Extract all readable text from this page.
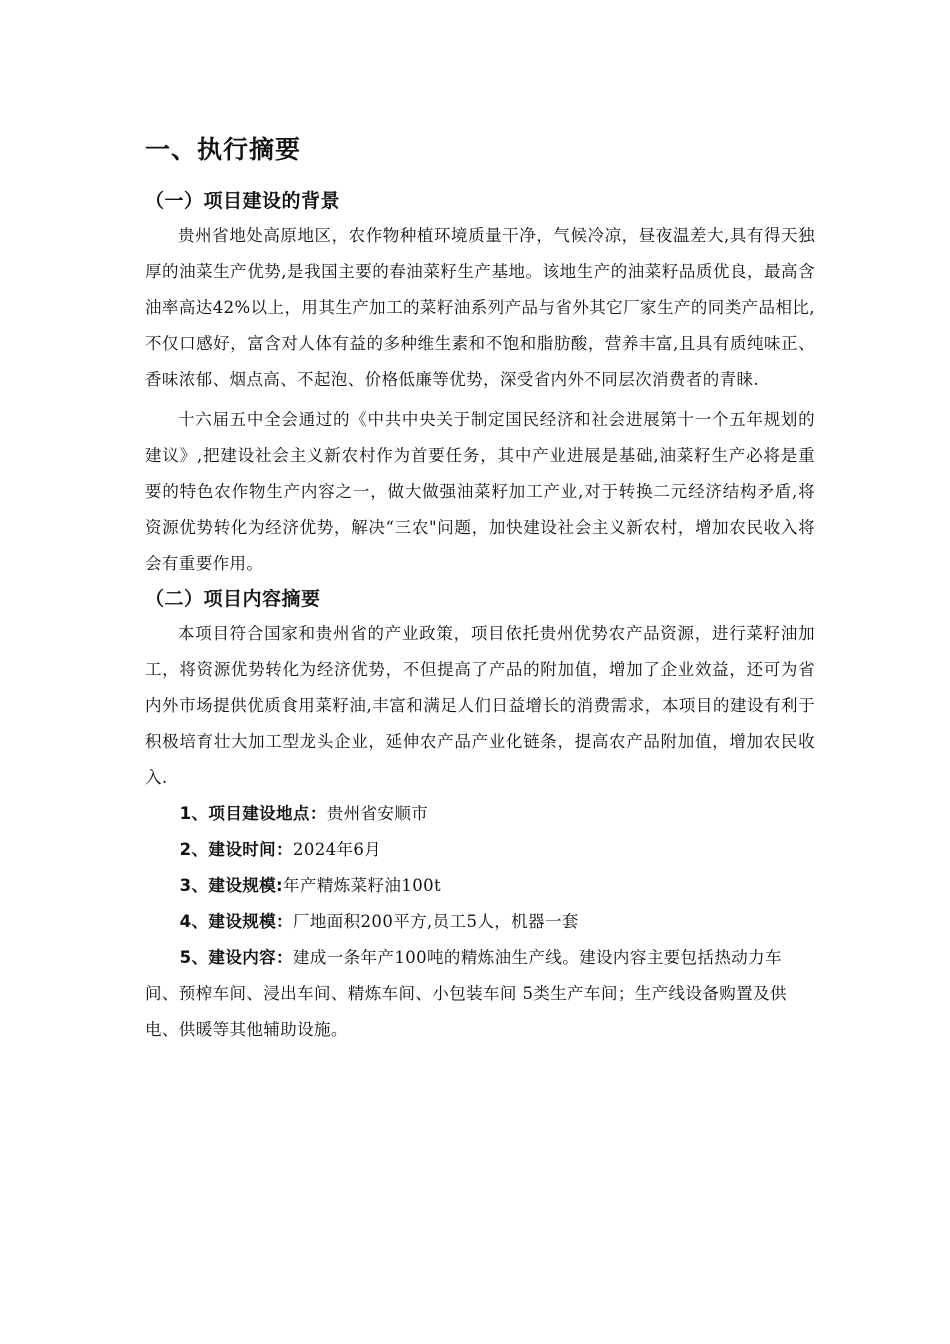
一、执行摘要
（一）项目建设的背景

贵州省地处高原地区，农作物种植环境质量干净，气候冷凉，昼夜温差大,具有得天独厚的油菜生产优势,是我国主要的春油菜籽生产基地。该地生产的油菜籽品质优良，最高含油率高达42%以上，用其生产加工的菜籽油系列产品与省外其它厂家生产的同类产品相比,不仅口感好，富含对人体有益的多种维生素和不饱和脂肪酸，营养丰富,且具有质纯味正、香味浓郁、烟点高、不起泡、价格低廉等优势，深受省内外不同层次消费者的青睐.

十六届五中全会通过的《中共中央关于制定国民经济和社会进展第十一个五年规划的建议》,把建设社会主义新农村作为首要任务，其中产业进展是基础,油菜籽生产必将是重要的特色农作物生产内容之一，做大做强油菜籽加工产业,对于转换二元经济结构矛盾,将资源优势转化为经济优势，解决“三农"问题，加快建设社会主义新农村，增加农民收入将会有重要作用。

（二）项目内容摘要

本项目符合国家和贵州省的产业政策，项目依托贵州优势农产品资源，进行菜籽油加工，将资源优势转化为经济优势，不但提高了产品的附加值，增加了企业效益，还可为省内外市场提供优质食用菜籽油,丰富和满足人们日益增长的消费需求，本项目的建设有利于积极培育壮大加工型龙头企业，延伸农产品产业化链条，提高农产品附加值，增加农民收入.

1、项目建设地点：贵州省安顺市
2、建设时间：2024年6月
3、建设规模:年产精炼菜籽油100t
4、建设规模：厂地面积200平方,员工5人，机器一套
5、建设内容：建成一条年产100吨的精炼油生产线。建设内容主要包括热动力车间、预榨车间、浸出车间、精炼车间、小包装车间 5类生产车间；生产线设备购置及供电、供暖等其他辅助设施。
